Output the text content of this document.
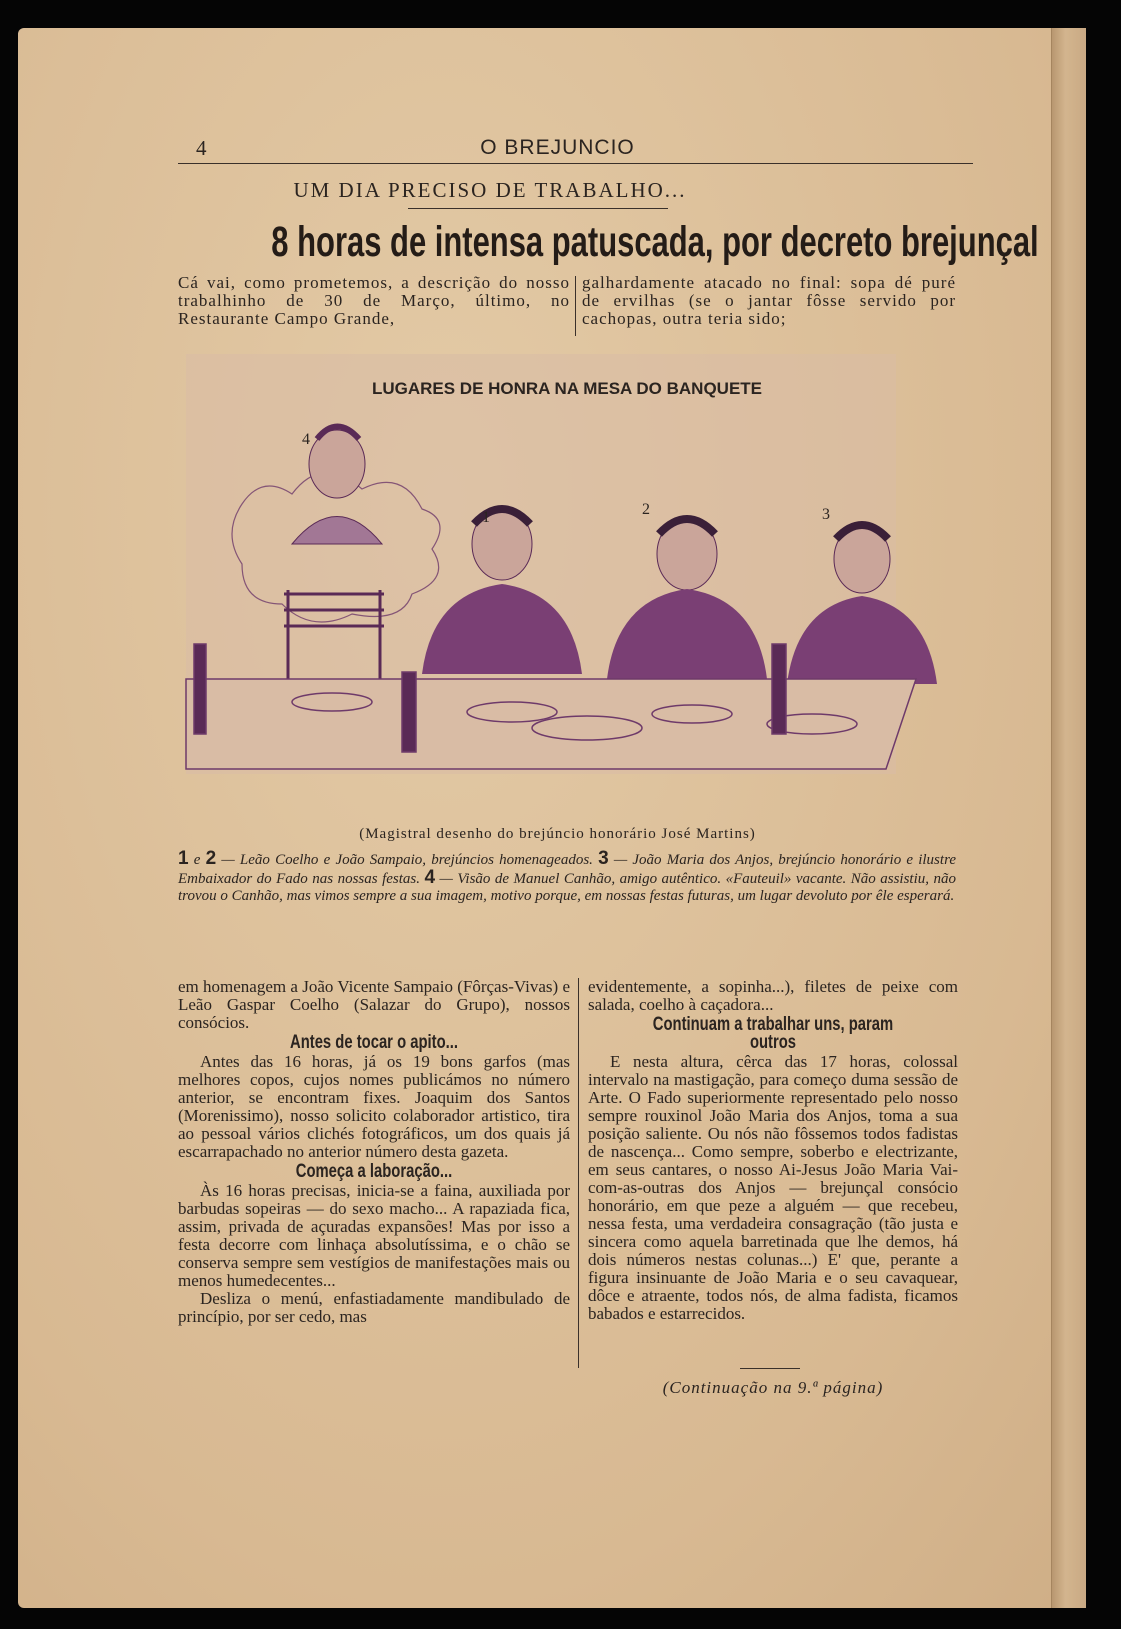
4	O BREJUNCIO
UM DIA PRECISO DE TRABALHO...
8 horas de intensa patuscada, por decreto brejunçal
Cá vai, como prometemos, a descrição do nosso trabalhinho de 30 de Março, último, no Restaurante Campo Grande,
galhardamente atacado no final: sopa dé puré de ervilhas (se o jantar fôsse servido por cachopas, outra teria sido;
LUGARES DE HONRA NA MESA DO BANQUETE
4
1	2	3
(Magistral desenho do brejúncio honorário José Martins)
1 e 2 — Leão Coelho e João Sampaio, brejúncios homenageados. 3 — João Maria dos Anjos, brejúncio honorário e ilustre Embaixador do Fado nas nossas festas. 4 — Visão de Manuel Canhão, amigo autêntico. «Fauteuil» vacante. Não assistiu, não trovou o Canhão, mas vimos sempre a sua imagem, motivo porque, em nossas festas futuras, um lugar devoluto por êle esperará.

em homenagem a João Vicente Sampaio (Fôrças-Vivas) e Leão Gaspar Coelho (Salazar do Grupo), nossos consócios.

Antes de tocar o apito...

Antes das 16 horas, já os 19 bons garfos (mas melhores copos, cujos nomes publicámos no número anterior, se encontram fixes. Joaquim dos Santos (Morenissimo), nosso solicito colaborador artistico, tira ao pessoal vários clichés fotográficos, um dos quais já escarrapachado no anterior número desta gazeta.

Começa a laboração...

Às 16 horas precisas, inicia-se a faina, auxiliada por barbudas sopeiras — do sexo macho... A rapaziada fica, assim, privada de açuradas expansões! Mas por isso a festa decorre com linhaça absolutíssima, e o chão se conserva sempre sem vestígios de manifestações mais ou menos humedecentes...

Desliza o menú, enfastiadamente mandibulado de princípio, por ser cedo, mas

evidentemente, a sopinha...), filetes de peixe com salada, coelho à caçadora...

Continuam a trabalhar uns, param outros

E nesta altura, cêrca das 17 horas, colossal intervalo na mastigação, para começo duma sessão de Arte. O Fado superiormente representado pelo nosso sempre rouxinol João Maria dos Anjos, toma a sua posição saliente. Ou nós não fôssemos todos fadistas de nascença... Como sempre, soberbo e electrizante, em seus cantares, o nosso Ai-Jesus João Maria Vai-com-as-outras dos Anjos — brejunçal consócio honorário, em que peze a alguém — que recebeu, nessa festa, uma verdadeira consagração (tão justa e sincera como aquela barretinada que lhe demos, há dois números nestas colunas...) E' que, perante a figura insinuante de João Maria e o seu cavaquear, dôce e atraente, todos nós, de alma fadista, ficamos babados e estarrecidos.

(Continuação na 9.ª página)
